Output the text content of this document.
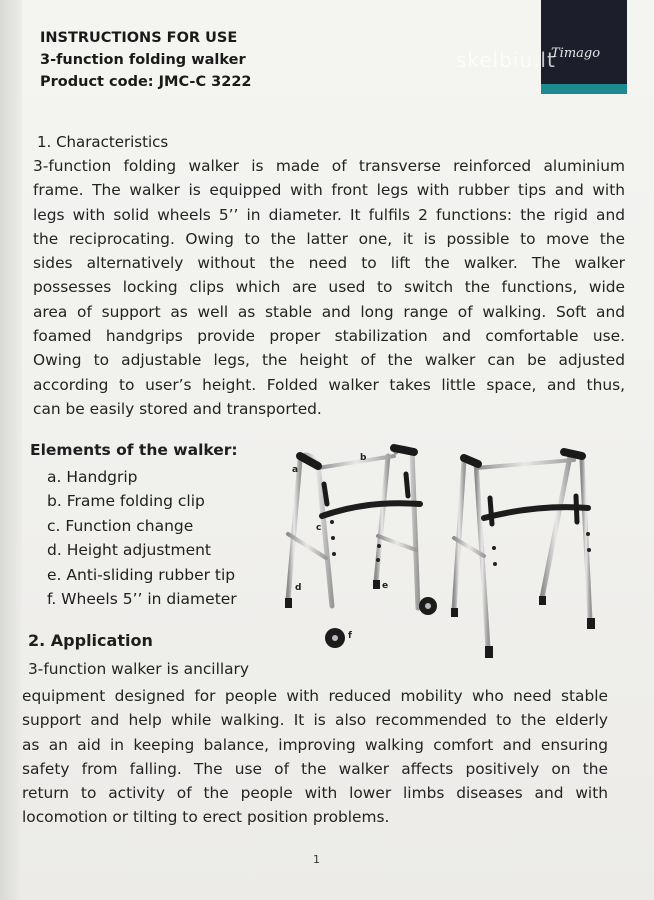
INSTRUCTIONS FOR USE
3-function folding walker
Product code: JMC-C 3222
Timago
skelbiu.lt
1. Characteristics
3-function folding walker is made of transverse reinforced aluminium
frame. The walker is equipped with front legs with rubber tips and with
legs with solid wheels 5’’ in diameter. It fulfils 2 functions: the rigid and
the reciprocating. Owing to the latter one, it is possible to move the
sides alternatively without the need to lift the walker. The walker
possesses locking clips which are used to switch the functions, wide
area of support as well as stable and long range of walking. Soft and
foamed handgrips provide proper stabilization and comfortable use.
Owing to adjustable legs, the height of the walker can be adjusted
according to user’s height. Folded walker takes little space, and thus,
can be easily stored and transported.
Elements of the walker:
a. Handgrip
b. Frame folding clip
c. Function change
d. Height adjustment
e. Anti-sliding rubber tip
f. Wheels 5’’ in diameter
a
b
c
d	e
f
2. Application
3-function walker is ancillary
equipment designed for people with reduced mobility who need stable
support and help while walking. It is also recommended to the elderly
as an aid in keeping balance, improving walking comfort and ensuring
safety from falling. The use of the walker affects positively on the
return to activity of the people with lower limbs diseases and with
locomotion or tilting to erect position problems.
1
